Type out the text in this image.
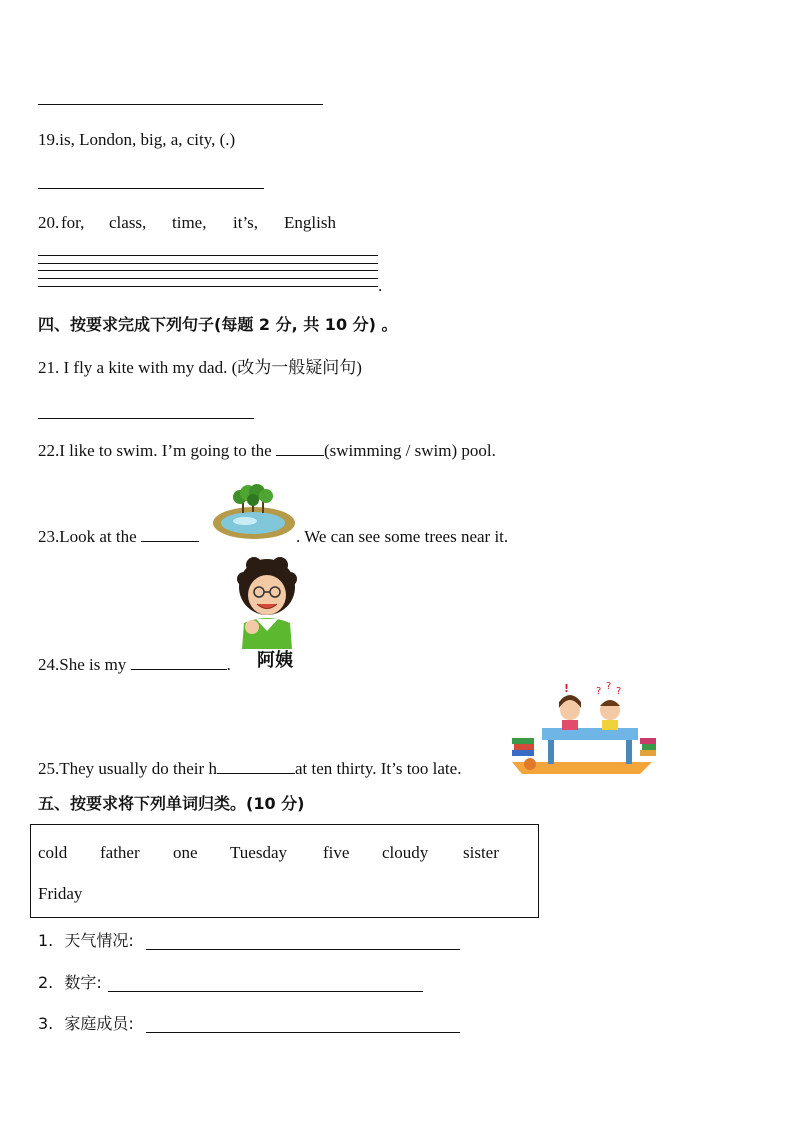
19.is, London, big, a, city, (.)
20. for, class, time, it’s, English
.
四、按要求完成下列句子(每题 2 分, 共 10 分) 。
21. I fly a kite with my dad. (改为一般疑问句)
22.I like to swim. I’m going to the	(swimming / swim) pool.
23.Look at the	. We can see some trees near it.
阿姨
24.She is my	.
25.They usually do their h	at ten thirty. It’s too late.
!	? ? ?
五、按要求将下列单词归类。(10 分)
cold father one Tuesday five cloudy sister
Friday
1. 天气情况:
2. 数字:
3. 家庭成员:
